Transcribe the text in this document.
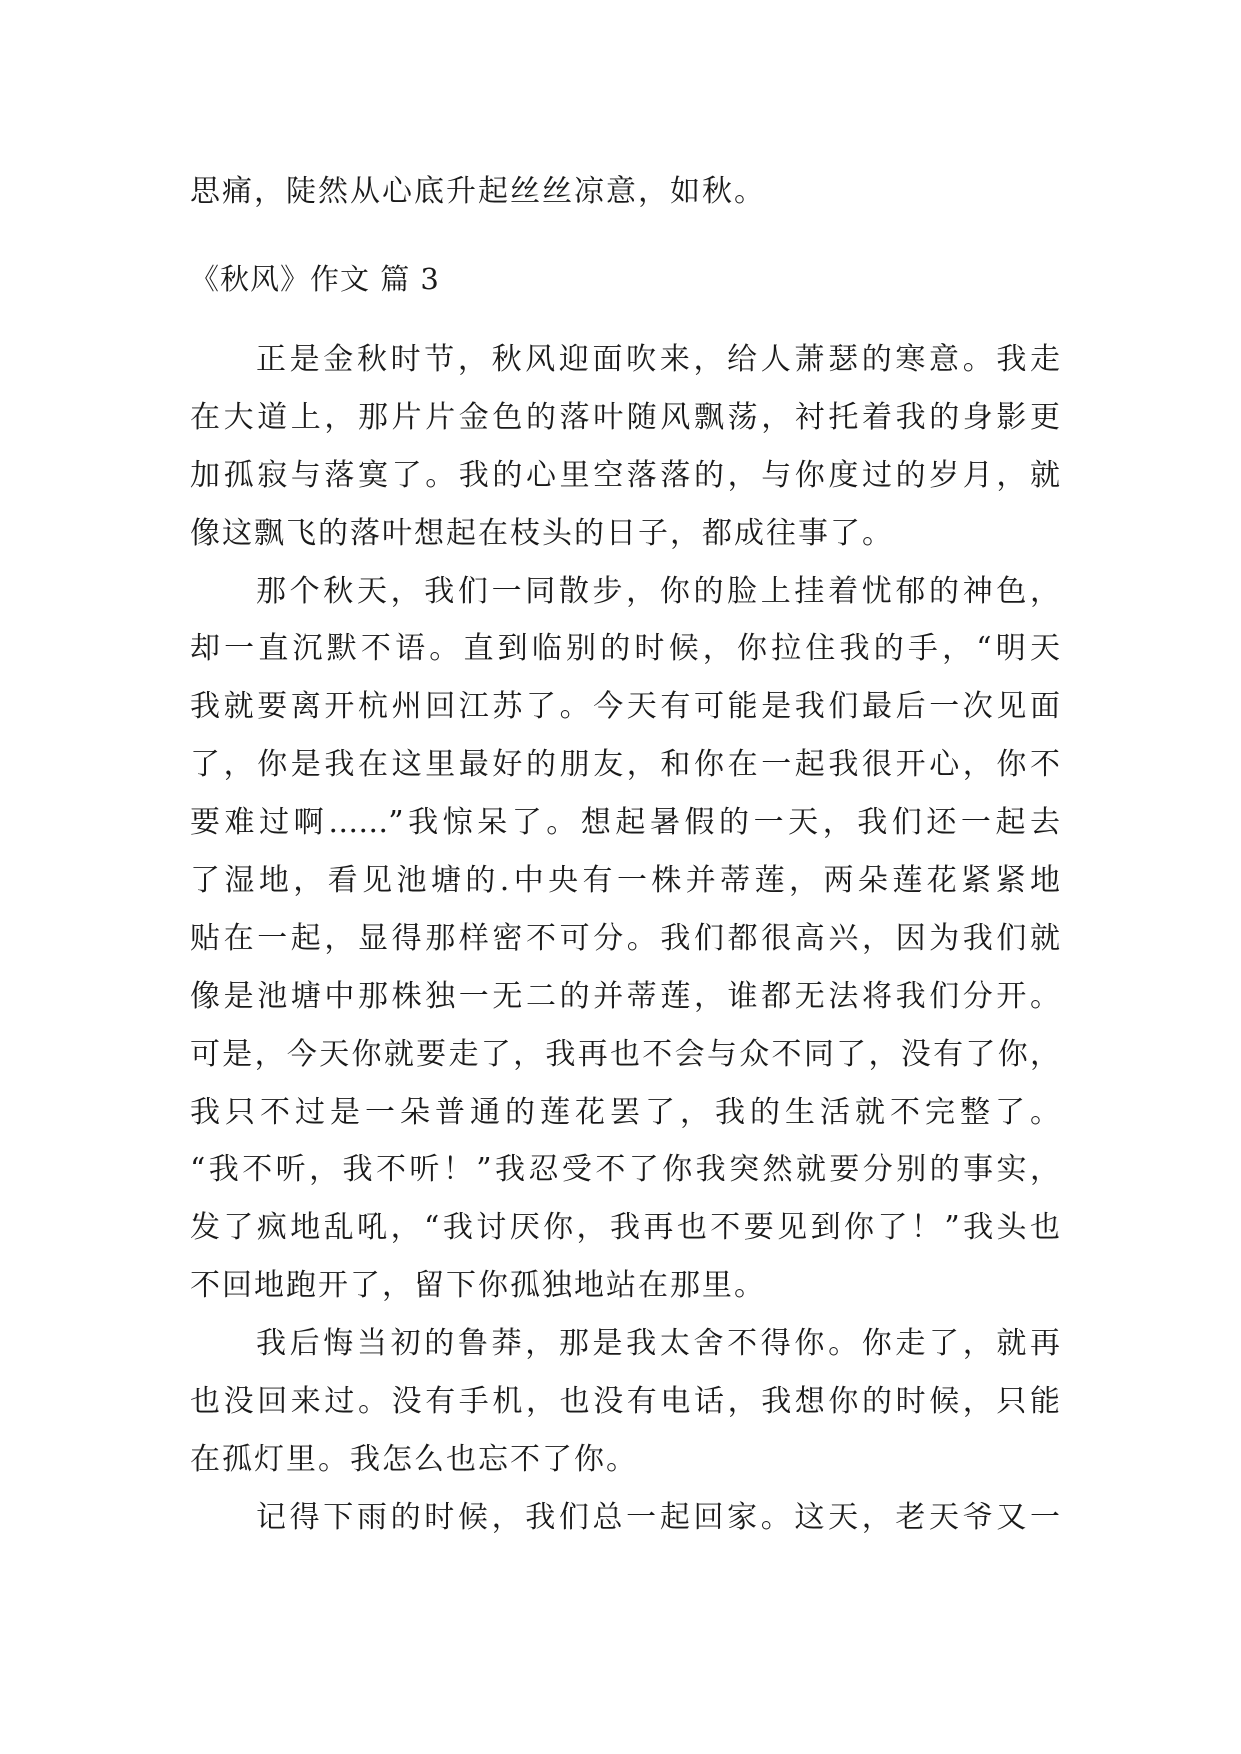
思痛，陡然从心底升起丝丝凉意，如秋。
《秋风》作文 篇 3
正是金秋时节，秋风迎面吹来，给人萧瑟的寒意。我走
在大道上，那片片金色的落叶随风飘荡，衬托着我的身影更
加孤寂与落寞了。我的心里空落落的，与你度过的岁月，就
像这飘飞的落叶想起在枝头的日子，都成往事了。
那个秋天，我们一同散步，你的脸上挂着忧郁的神色，
却一直沉默不语。直到临别的时候，你拉住我的手，“明天
我就要离开杭州回江苏了。今天有可能是我们最后一次见面
了，你是我在这里最好的朋友，和你在一起我很开心，你不
要难过啊……”我惊呆了。想起暑假的一天，我们还一起去
了湿地，看见池塘的.中央有一株并蒂莲，两朵莲花紧紧地
贴在一起，显得那样密不可分。我们都很高兴，因为我们就
像是池塘中那株独一无二的并蒂莲，谁都无法将我们分开。
可是，今天你就要走了，我再也不会与众不同了，没有了你，
我只不过是一朵普通的莲花罢了，我的生活就不完整了。
“我不听，我不听！”我忍受不了你我突然就要分别的事实，
发了疯地乱吼，“我讨厌你，我再也不要见到你了！”我头也
不回地跑开了，留下你孤独地站在那里。
我后悔当初的鲁莽，那是我太舍不得你。你走了，就再
也没回来过。没有手机，也没有电话，我想你的时候，只能
在孤灯里。我怎么也忘不了你。
记得下雨的时候，我们总一起回家。这天，老天爷又一
